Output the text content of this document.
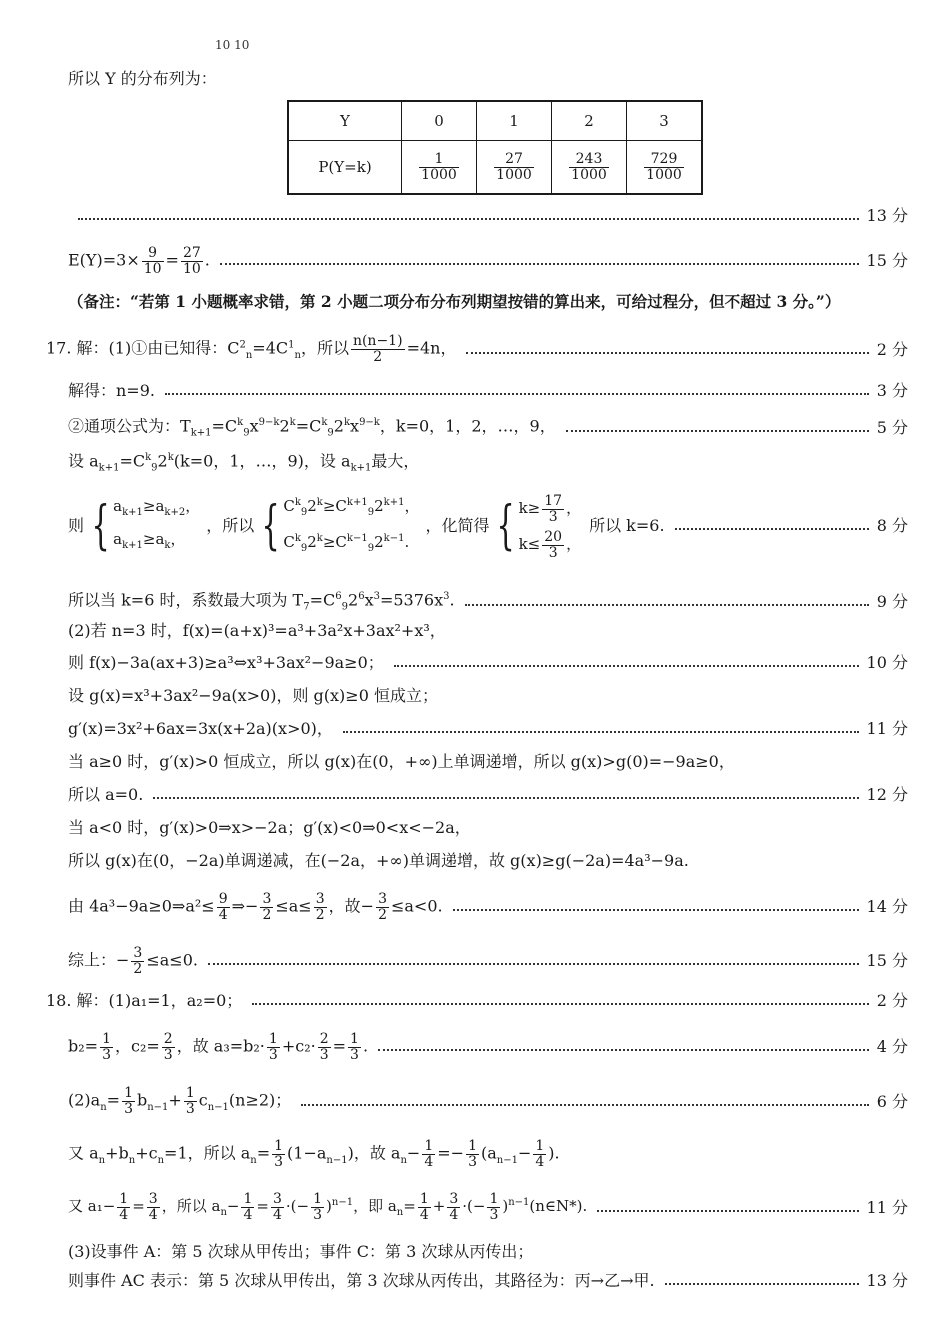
10 10
所以 Y 的分布列为：
Y	0	1	2	3
P(Y=k)	$\frac{1}{1000}$	$\frac{27}{1000}$	$\frac{243}{1000}$	$\frac{729}{1000}$
13 分
$E(Y)=3\times \frac{9}{10} = \frac{27}{10}$ .	15 分
（备注：“若第 1 小题概率求错，第 2 小题二项分布分布列期望按错的算出来，可给过程分，但不超过 3 分。”）
17. 解：(1)①由已知得：$C^2_n=4C^1_n$，所以 $\frac{n(n-1)}{2} =4n$，	2 分
解得：n=9.	3 分
②通项公式为：$T_{k+1}=C^k_9x^{9-k}2^k=C^k_92^kx^{9-k}$，k=0，1，2，…，9，	5 分
设 $a_{k+1}=C^k_92^k(k=0$，1，…，9)，设 $a_{k+1}$最大，
则 { $a_{k+1}\ge a_{k+2}$，
$a_{k+1}\ge a_k$，
，所以 { $C^k_92^k\ge C^{k+1}_92^{k+1}$，
$C^k_92^k\ge C^{k-1}_92^{k-1}$.
，化简得 { $k\ge \frac{17}{3}$ ，
$k\le \frac{20}{3}$ ，
所以 k=6.	8 分
所以当 k=6 时，系数最大项为 $T_7=C^6_92^6x^3=5376x^3$.	9 分
(2)若 n=3 时，f(x)=(a+x)³=a³+3a²x+3ax²+x³，
则 f(x)−3a(ax+3)≥a³⇔x³+3ax²−9a≥0；	10 分
设 g(x)=x³+3ax²−9a(x>0)，则 g(x)≥0 恒成立；
g′(x)=3x²+6ax=3x(x+2a)(x>0)，	11 分
当 a≥0 时，g′(x)>0 恒成立，所以 g(x)在(0，+∞)上单调递增，所以 g(x)>g(0)=−9a≥0，
所以 a=0.	12 分
当 a<0 时，g′(x)>0⇒x>−2a；g′(x)<0⇒0<x<−2a，
所以 g(x)在(0，−2a)单调递减，在(−2a，+∞)单调递增，故 g(x)≥g(−2a)=4a³−9a.
由 4a³−9a≥0⇒a²≤ $\frac{9}{4}$ ⇒− $\frac{3}{2} \le a\le \frac{3}{2}$ ，故− $\frac{3}{2} \le a<0$.	14 分
综上：− $\frac{3}{2} \le a\le 0$.	15 分
18. 解：(1)a₁=1，a₂=0；	2 分
$b_2= \frac{1}{3}$ ，$c_2= \frac{2}{3}$ ，故 $a_3=b_2\cdot \frac{1}{3} +c_2\cdot \frac{2}{3} = \frac{1}{3}$ .	4 分
$(2)a_n= \frac{1}{3} b_{n-1}+ \frac{1}{3} c_{n-1}(n\ge 2)$；	6 分
又 $a_n+b_n+c_n=1$，所以 $a_n= \frac{1}{3} (1-a_{n-1})$，故 $a_n- \frac{1}{4} =- \frac{1}{3} (a_{n-1}- \frac{1}{4}$ ).
又 $a_1- \frac{1}{4} = \frac{3}{4}$ ，所以 $a_n- \frac{1}{4} = \frac{3}{4}$ ·(− $\frac{1}{3} )^{n-1}$，即 $a_n= \frac{1}{4} + \frac{3}{4}$ ·(− $\frac{1}{3}$ )$^{n-1}$(n∈N*).	11 分
(3)设事件 A：第 5 次球从甲传出；事件 C：第 3 次球从丙传出；
则事件 AC 表示：第 5 次球从甲传出，第 3 次球从丙传出，其路径为：丙→乙→甲.	13 分
